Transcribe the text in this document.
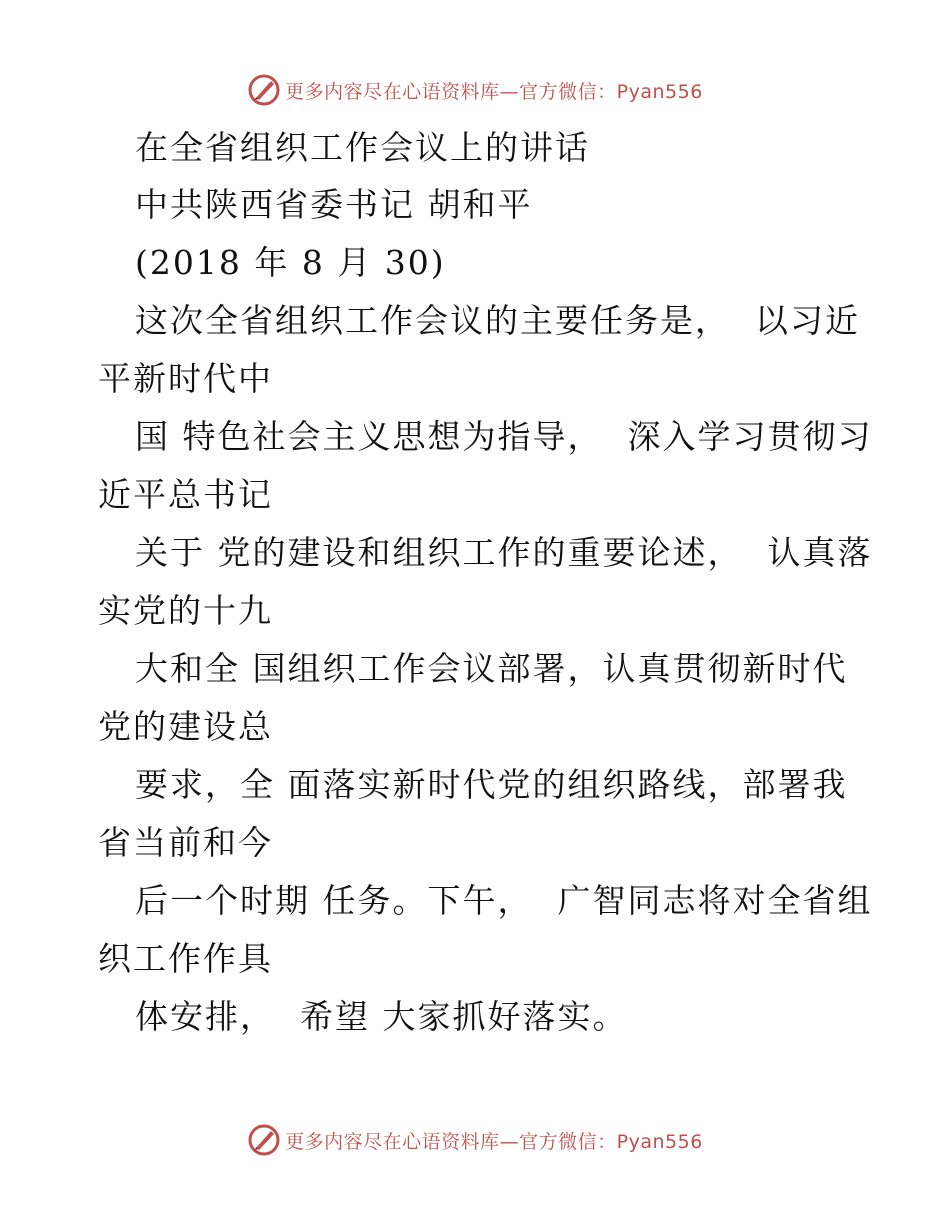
更多内容尽在心语资料库—官方微信：Pyan556
在全省组织工作会议上的讲话
中共陕西省委书记 胡和平
(2018 年 8 月 30)
这次全省组织工作会议的主要任务是，  以习近
平新时代中
国 特色社会主义思想为指导，  深入学习贯彻习
近平总书记
关于 党的建设和组织工作的重要论述，  认真落
实党的十九
大和全 国组织工作会议部署，认真贯彻新时代
党的建设总
要求，全 面落实新时代党的组织路线，部署我
省当前和今
后一个时期 任务。下午，  广智同志将对全省组
织工作作具
体安排，  希望 大家抓好落实。
更多内容尽在心语资料库—官方微信：Pyan556
